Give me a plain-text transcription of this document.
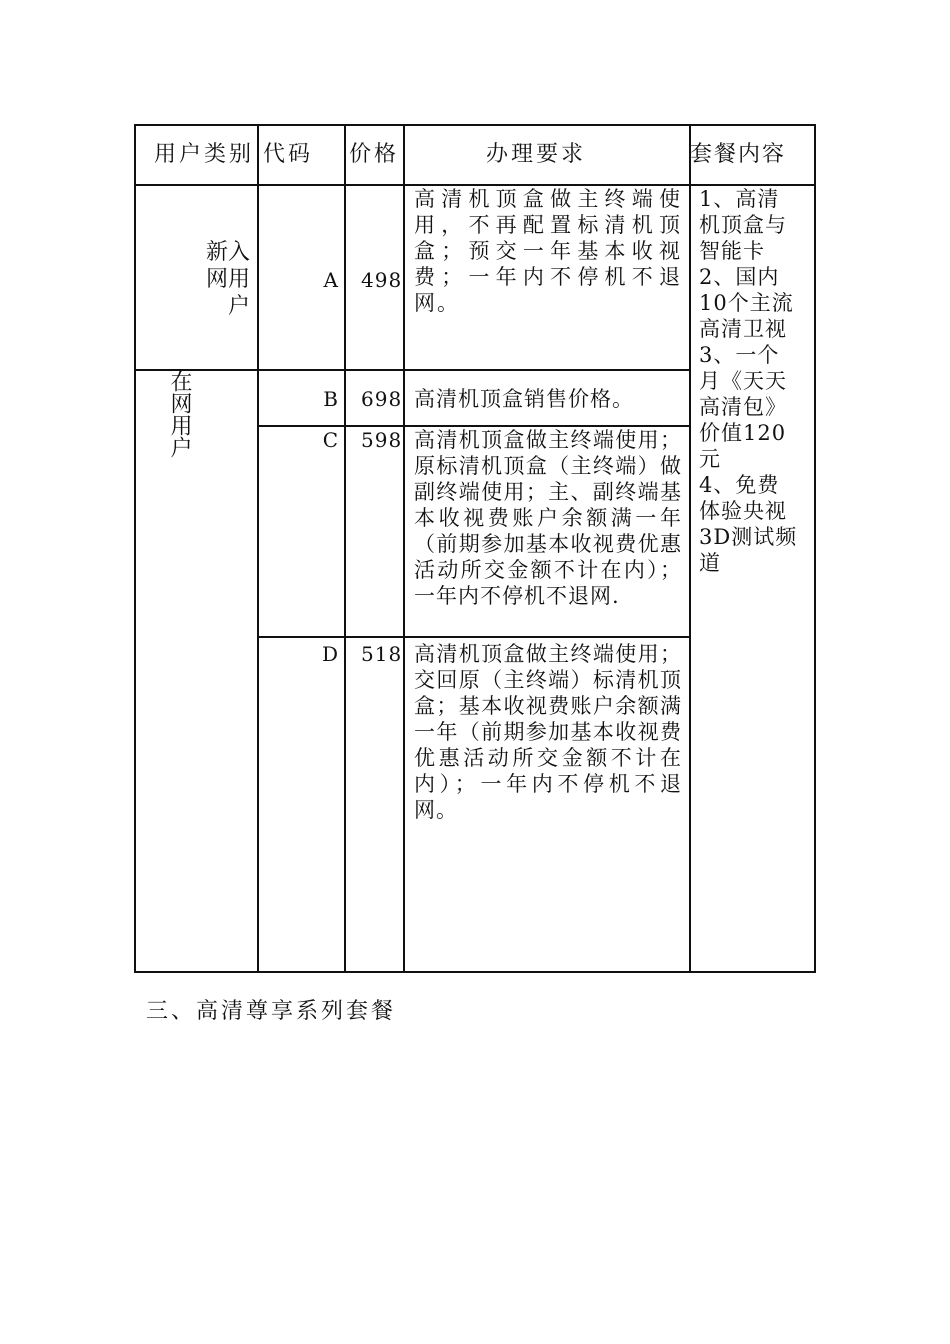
用户类别 代码 价格	办理要求	套餐内容
新入
网用
户
在网用户
A 498
高清机顶盒做主终端使用，不再配置标清机顶盒；预交一年基本收视费；一年内不停机不退网。
B 698 高清机顶盒销售价格。
C 598 高清机顶盒做主终端使用；原标清机顶盒（主终端）做副终端使用；主、副终端基本收视费账户余额满一年（前期参加基本收视费优惠活动所交金额不计在内）；一年内不停机不退网.
D 518 高清机顶盒做主终端使用；交回原（主终端）标清机顶盒；基本收视费账户余额满一年（前期参加基本收视费优惠活动所交金额不计在内）；一年内不停机不退网。
1、高清
机顶盒与
智能卡
2、国内
10个主流
高清卫视
3、一个
月《天天
高清包》
价值120
元
4、免费
体验央视
3D测试频
道
三、高清尊享系列套餐
